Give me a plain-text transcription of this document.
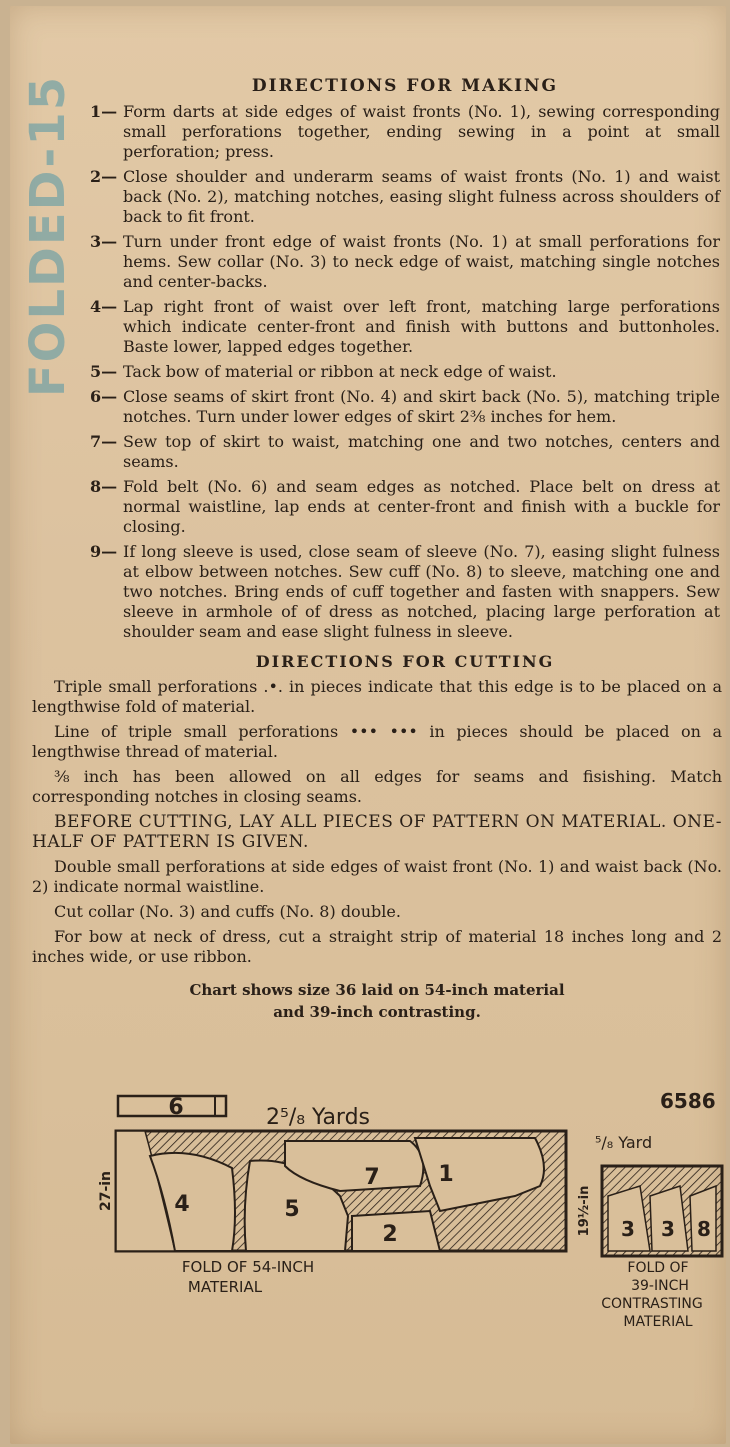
FOLDED-15	DIRECTIONS FOR MAKING
1— Form darts at side edges of waist fronts (No. 1), sewing corresponding small perforations together, ending sewing in a point at small perforation; press.
2— Close shoulder and underarm seams of waist fronts (No. 1) and waist back (No. 2), matching notches, easing slight fulness across shoulders of back to fit front.
3— Turn under front edge of waist fronts (No. 1) at small perforations for hems. Sew collar (No. 3) to neck edge of waist, matching single notches and center-backs.
4— Lap right front of waist over left front, matching large perforations which indicate center-front and finish with buttons and buttonholes. Baste lower, lapped edges together.
5— Tack bow of material or ribbon at neck edge of waist.
6— Close seams of skirt front (No. 4) and skirt back (No. 5), matching triple notches. Turn under lower edges of skirt 2⅜ inches for hem.
7— Sew top of skirt to waist, matching one and two notches, centers and seams.
8— Fold belt (No. 6) and seam edges as notched. Place belt on dress at normal waistline, lap ends at center-front and finish with a buckle for closing.
9— If long sleeve is used, close seam of sleeve (No. 7), easing slight fulness at elbow between notches. Sew cuff (No. 8) to sleeve, matching one and two notches. Bring ends of cuff together and fasten with snappers. Sew sleeve in armhole of of dress as notched, placing large perforation at shoulder seam and ease slight fulness in sleeve.
DIRECTIONS FOR CUTTING

Triple small perforations .•. in pieces indicate that this edge is to be placed on a lengthwise fold of material.

Line of triple small perforations ••• ••• in pieces should be placed on a lengthwise thread of material.

⅜ inch has been allowed on all edges for seams and fisishing. Match corresponding notches in closing seams.

BEFORE CUTTING, LAY ALL PIECES OF PATTERN ON MATERIAL. ONE-HALF OF PATTERN IS GIVEN.

Double small perforations at side edges of waist front (No. 1) and waist back (No. 2) indicate normal waistline.

Cut collar (No. 3) and cuffs (No. 8) double.

For bow at neck of dress, cut a straight strip of material 18 inches long and 2 inches wide, or use ribbon.

Chart shows size 36 laid on 54-inch material
and 39-inch contrasting.
6	2⁵/₈ Yards
6586
⁵/₈ Yard
4	5
7	1
2
27-in
FOLD OF 54-INCH
MATERIAL
3 3 8
19½-in
FOLD OF
39-INCH
CONTRASTING
MATERIAL
